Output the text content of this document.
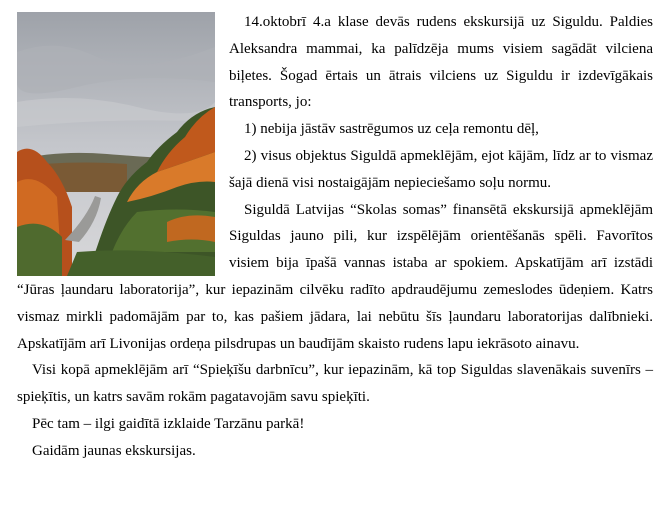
14.oktobrī 4.a klase devās rudens ekskursijā uz Siguldu. Paldies Aleksandra mammai, ka palīdzēja mums visiem sagādāt vilciena biļetes. Šogad ērtais un ātrais vilciens uz Siguldu ir izdevīgākais transports, jo:

1) nebija jāstāv sastrēgumos uz ceļa remontu dēļ,

2) visus objektus Siguldā apmeklējām, ejot kājām, līdz ar to vismaz šajā dienā visi nostaigājām nepieciešamo soļu normu.

Siguldā Latvijas “Skolas somas” finansētā ekskursijā apmeklējām Siguldas jauno pili, kur izspēlējām orientēšanās spēli. Favorītos visiem bija īpašā vannas istaba ar spokiem. Apskatījām arī izstādi “Jūras ļaundaru laboratorija”, kur iepazinām cilvēku radīto apdraudējumu zemeslodes ūdeņiem. Katrs vismaz mirkli padomājām par to, kas pašiem jādara, lai nebūtu šīs ļaundaru laboratorijas dalībnieki. Apskatījām arī Livonijas ordeņa pilsdrupas un baudījām skaisto rudens lapu iekrāsoto ainavu.

Visi kopā apmeklējām arī “Spieķīšu darbnīcu”, kur iepazinām, kā top Siguldas slavenākais suvenīrs – spieķītis, un katrs savām rokām pagatavojām savu spieķīti.

Pēc tam – ilgi gaidītā izklaide Tarzānu parkā!

Gaidām jaunas ekskursijas.
